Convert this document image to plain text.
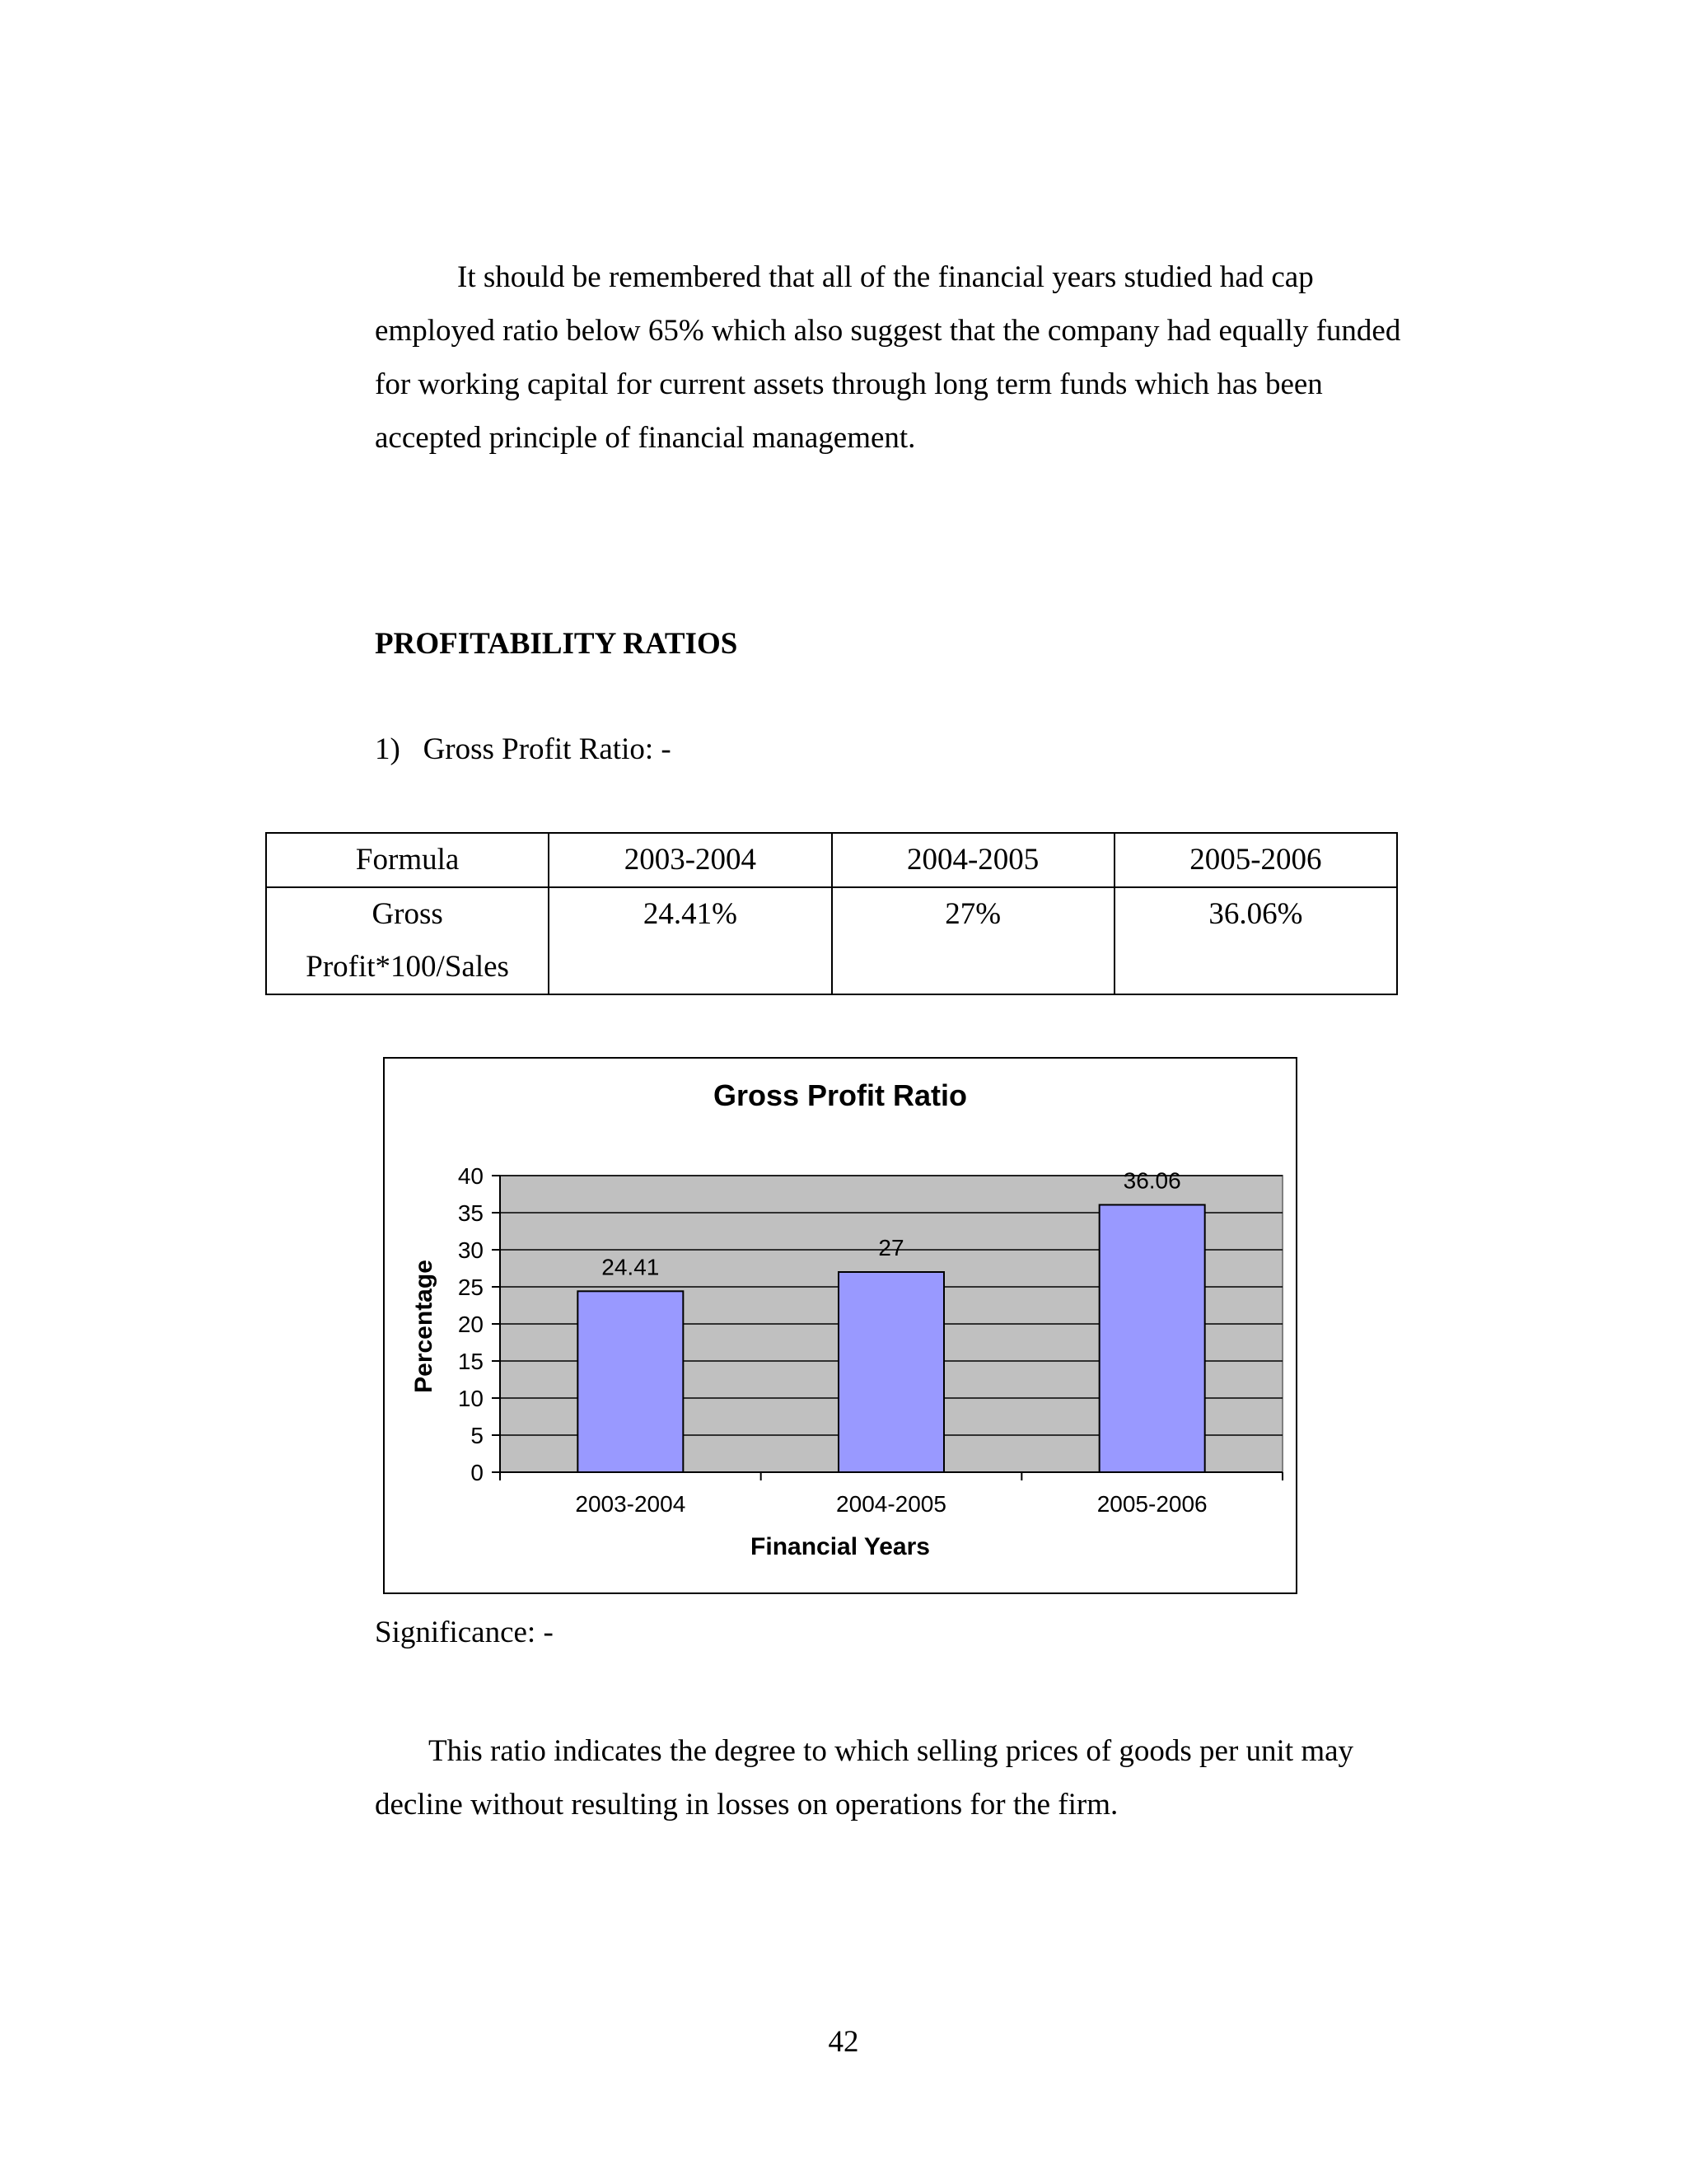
It should be remembered that all of the financial years studied had cap
employed ratio below 65% which also suggest that the company had equally funded
for working capital for current assets through long term funds which has been
accepted principle of financial management.

PROFITABILITY RATIOS

1)   Gross Profit Ratio: -

Formula	2003-2004	2004-2005	2005-2006

Gross
Profit*100/Sales	24.41%	27%	36.06%
Gross Profit Ratio
Financial Years
Percentage
0
5
10
15
20
25
30
35
40
24.41
2003-2004
27
2004-2005
36.06
2005-2006

Significance: -

This ratio indicates the degree to which selling prices of goods per unit may
decline without resulting in losses on operations for the firm.

42
